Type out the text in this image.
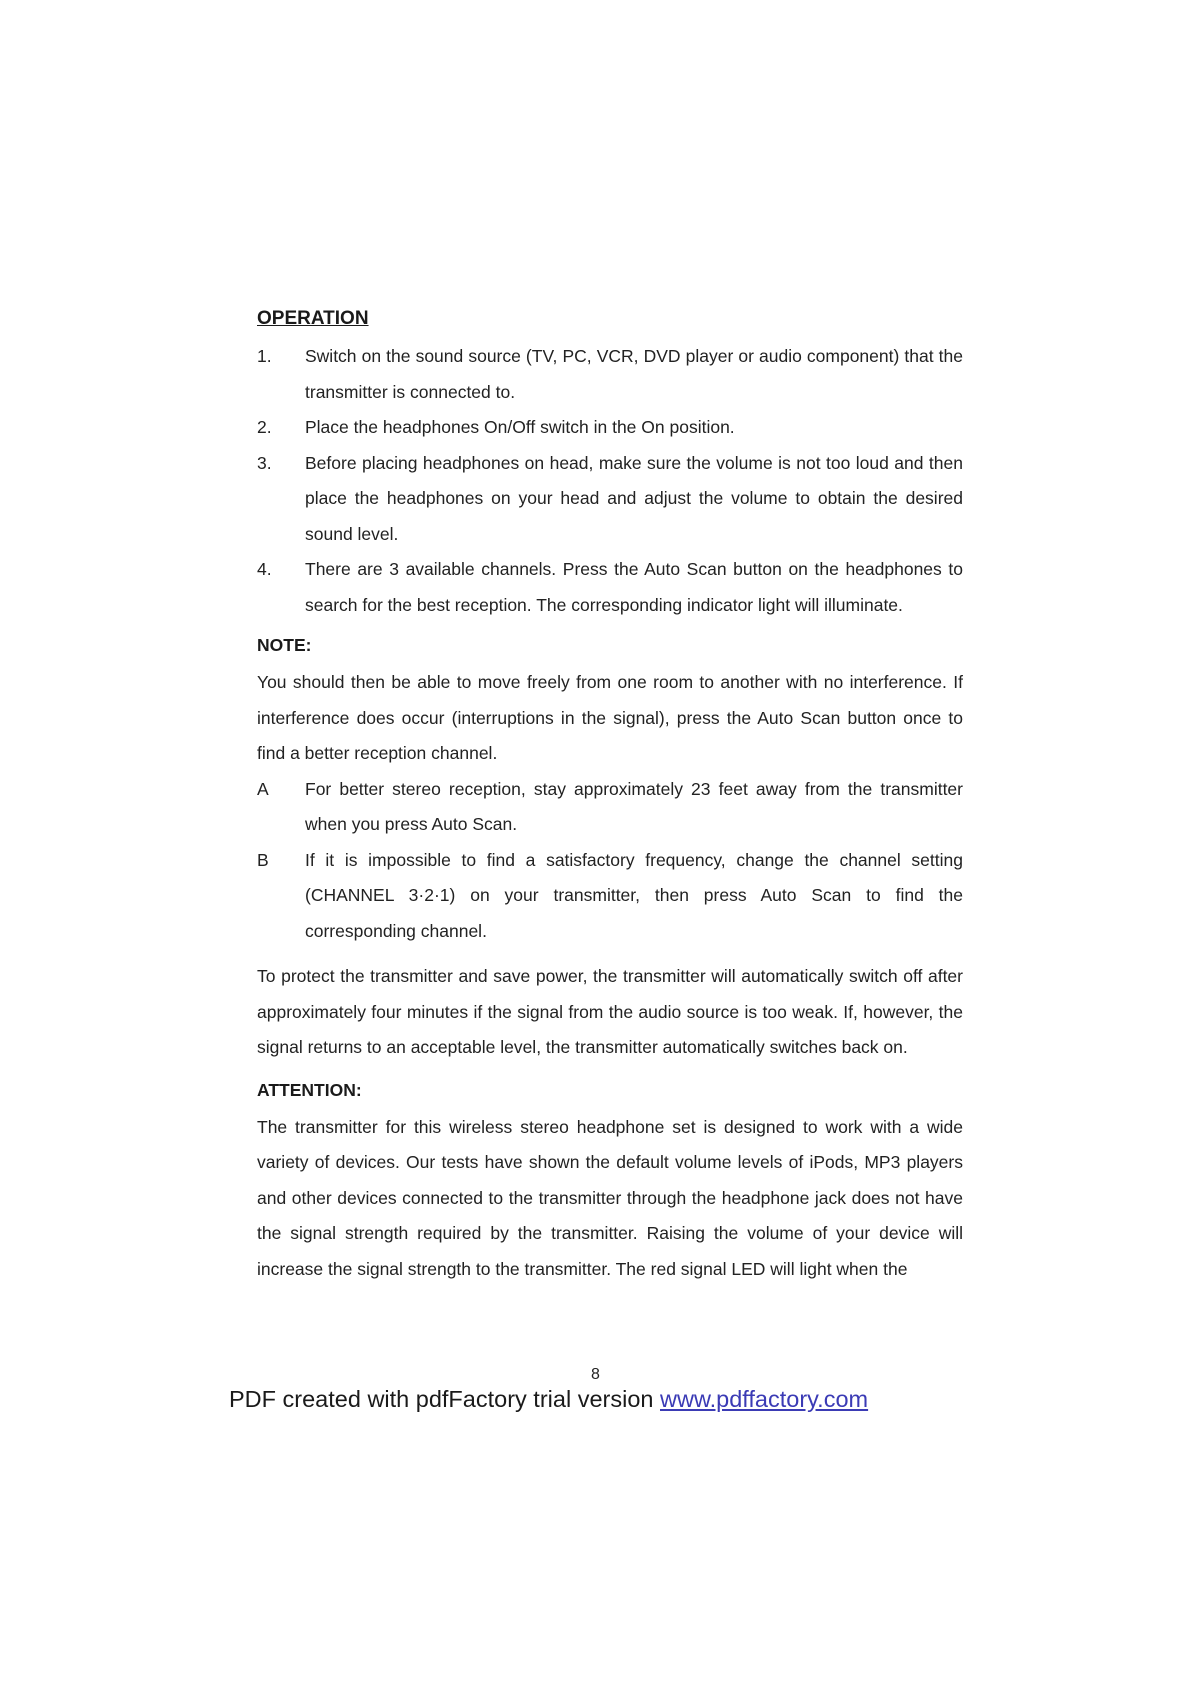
OPERATION
1.	Switch on the sound source (TV, PC, VCR, DVD player or audio component) that the transmitter is connected to.
2.	Place the headphones On/Off switch in the On position.
3.	Before placing headphones on head, make sure the volume is not too loud and then place the headphones on your head and adjust the volume to obtain the desired sound level.
4.	There are 3 available channels. Press the Auto Scan button on the headphones to search for the best reception. The corresponding indicator light will illuminate.
NOTE:

You should then be able to move freely from one room to another with no interference. If interference does occur (interruptions in the signal), press the Auto Scan button once to find a better reception channel.

A	For better stereo reception, stay approximately 23 feet away from the transmitter when you press Auto Scan.
B	If it is impossible to find a satisfactory frequency, change the channel setting (CHANNEL 3·2·1) on your transmitter, then press Auto Scan to find the corresponding channel.

To protect the transmitter and save power, the transmitter will automatically switch off after approximately four minutes if the signal from the audio source is too weak. If, however, the signal returns to an acceptable level, the transmitter automatically switches back on.

ATTENTION:

The transmitter for this wireless stereo headphone set is designed to work with a wide variety of devices. Our tests have shown the default volume levels of iPods, MP3 players and other devices connected to the transmitter through the headphone jack does not have the signal strength required by the transmitter. Raising the volume of your device will increase the signal strength to the transmitter. The red signal LED will light when the

8
PDF created with pdfFactory trial version www.pdffactory.com
